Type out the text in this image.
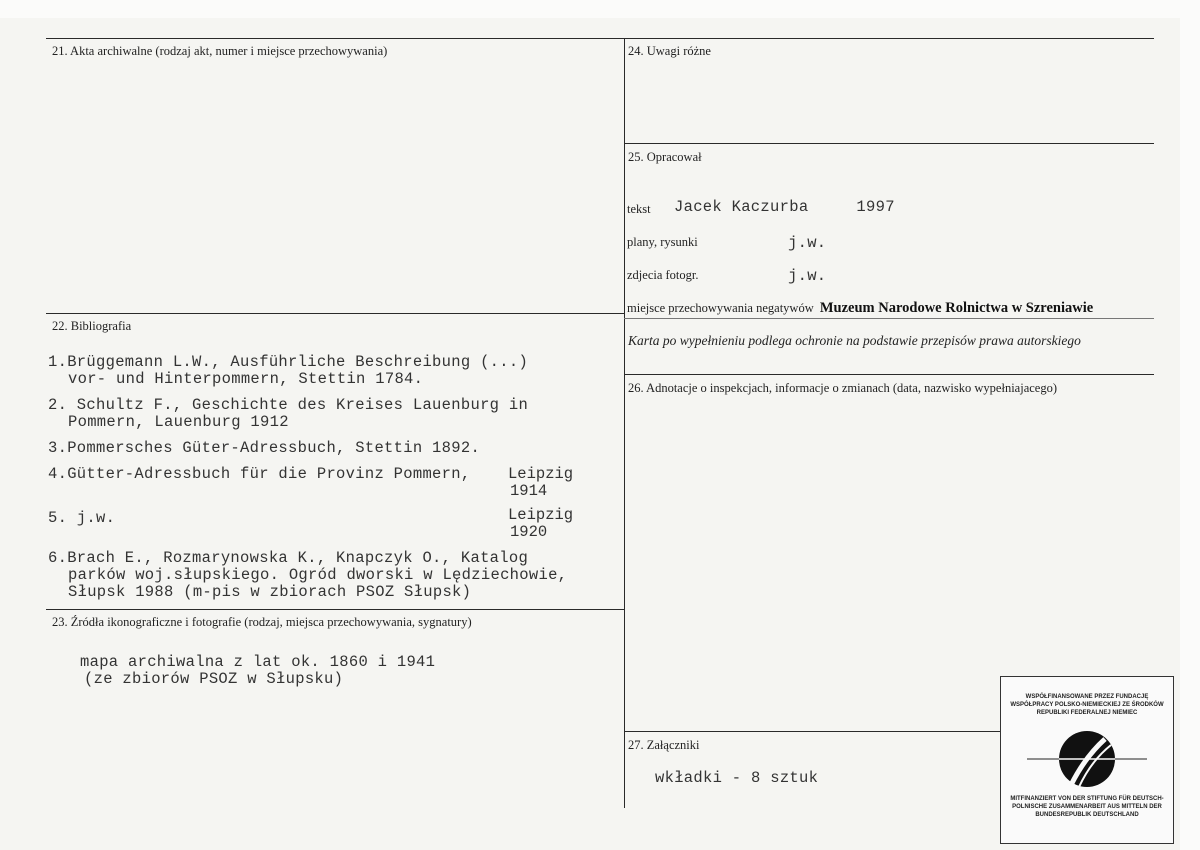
21. Akta archiwalne (rodzaj akt, numer i miejsce przechowywania)
22. Bibliografia
1.Brüggemann L.W., Ausführliche Beschreibung (...)
vor- und Hinterpommern, Stettin 1784.
2. Schultz F., Geschichte des Kreises Lauenburg in
Pommern, Lauenburg 1912
3.Pommersches Güter-Adressbuch, Stettin 1892.
4.Gütter-Adressbuch für die Provinz Pommern, Leipzig
1914
5. j.w.	Leipzig
1920
6.Brach E., Rozmarynowska K., Knapczyk O., Katalog
parków woj.słupskiego. Ogród dworski w Lędziechowie,
Słupsk 1988 (m-pis w zbiorach PSOZ Słupsk)
23. Źródła ikonograficzne i fotografie (rodzaj, miejsca przechowywania, sygnatury)
mapa archiwalna z lat ok. 1860 i 1941
(ze zbiorów PSOZ w Słupsku)
24. Uwagi różne
25. Opracował
tekst Jacek Kaczurba     1997
plany, rysunki	j.w.
zdjecia fotogr.	j.w.
miejsce przechowywania negatywów Muzeum Narodowe Rolnictwa w Szreniawie
Karta po wypełnieniu podlega ochronie na podstawie przepisów prawa autorskiego
26. Adnotacje o inspekcjach, informacje o zmianach (data, nazwisko wypełniajacego)
27. Załączniki
wkładki - 8 sztuk
WSPÓŁFINANSOWANE PRZEZ FUNDACJĘ WSPÓŁPRACY POLSKO-NIEMIECKIEJ ZE ŚRODKÓW REPUBLIKI FEDERALNEJ NIEMIEC
MITFINANZIERT VON DER STIFTUNG FÜR DEUTSCH-POLNISCHE ZUSAMMENARBEIT AUS MITTELN DER BUNDESREPUBLIK DEUTSCHLAND
